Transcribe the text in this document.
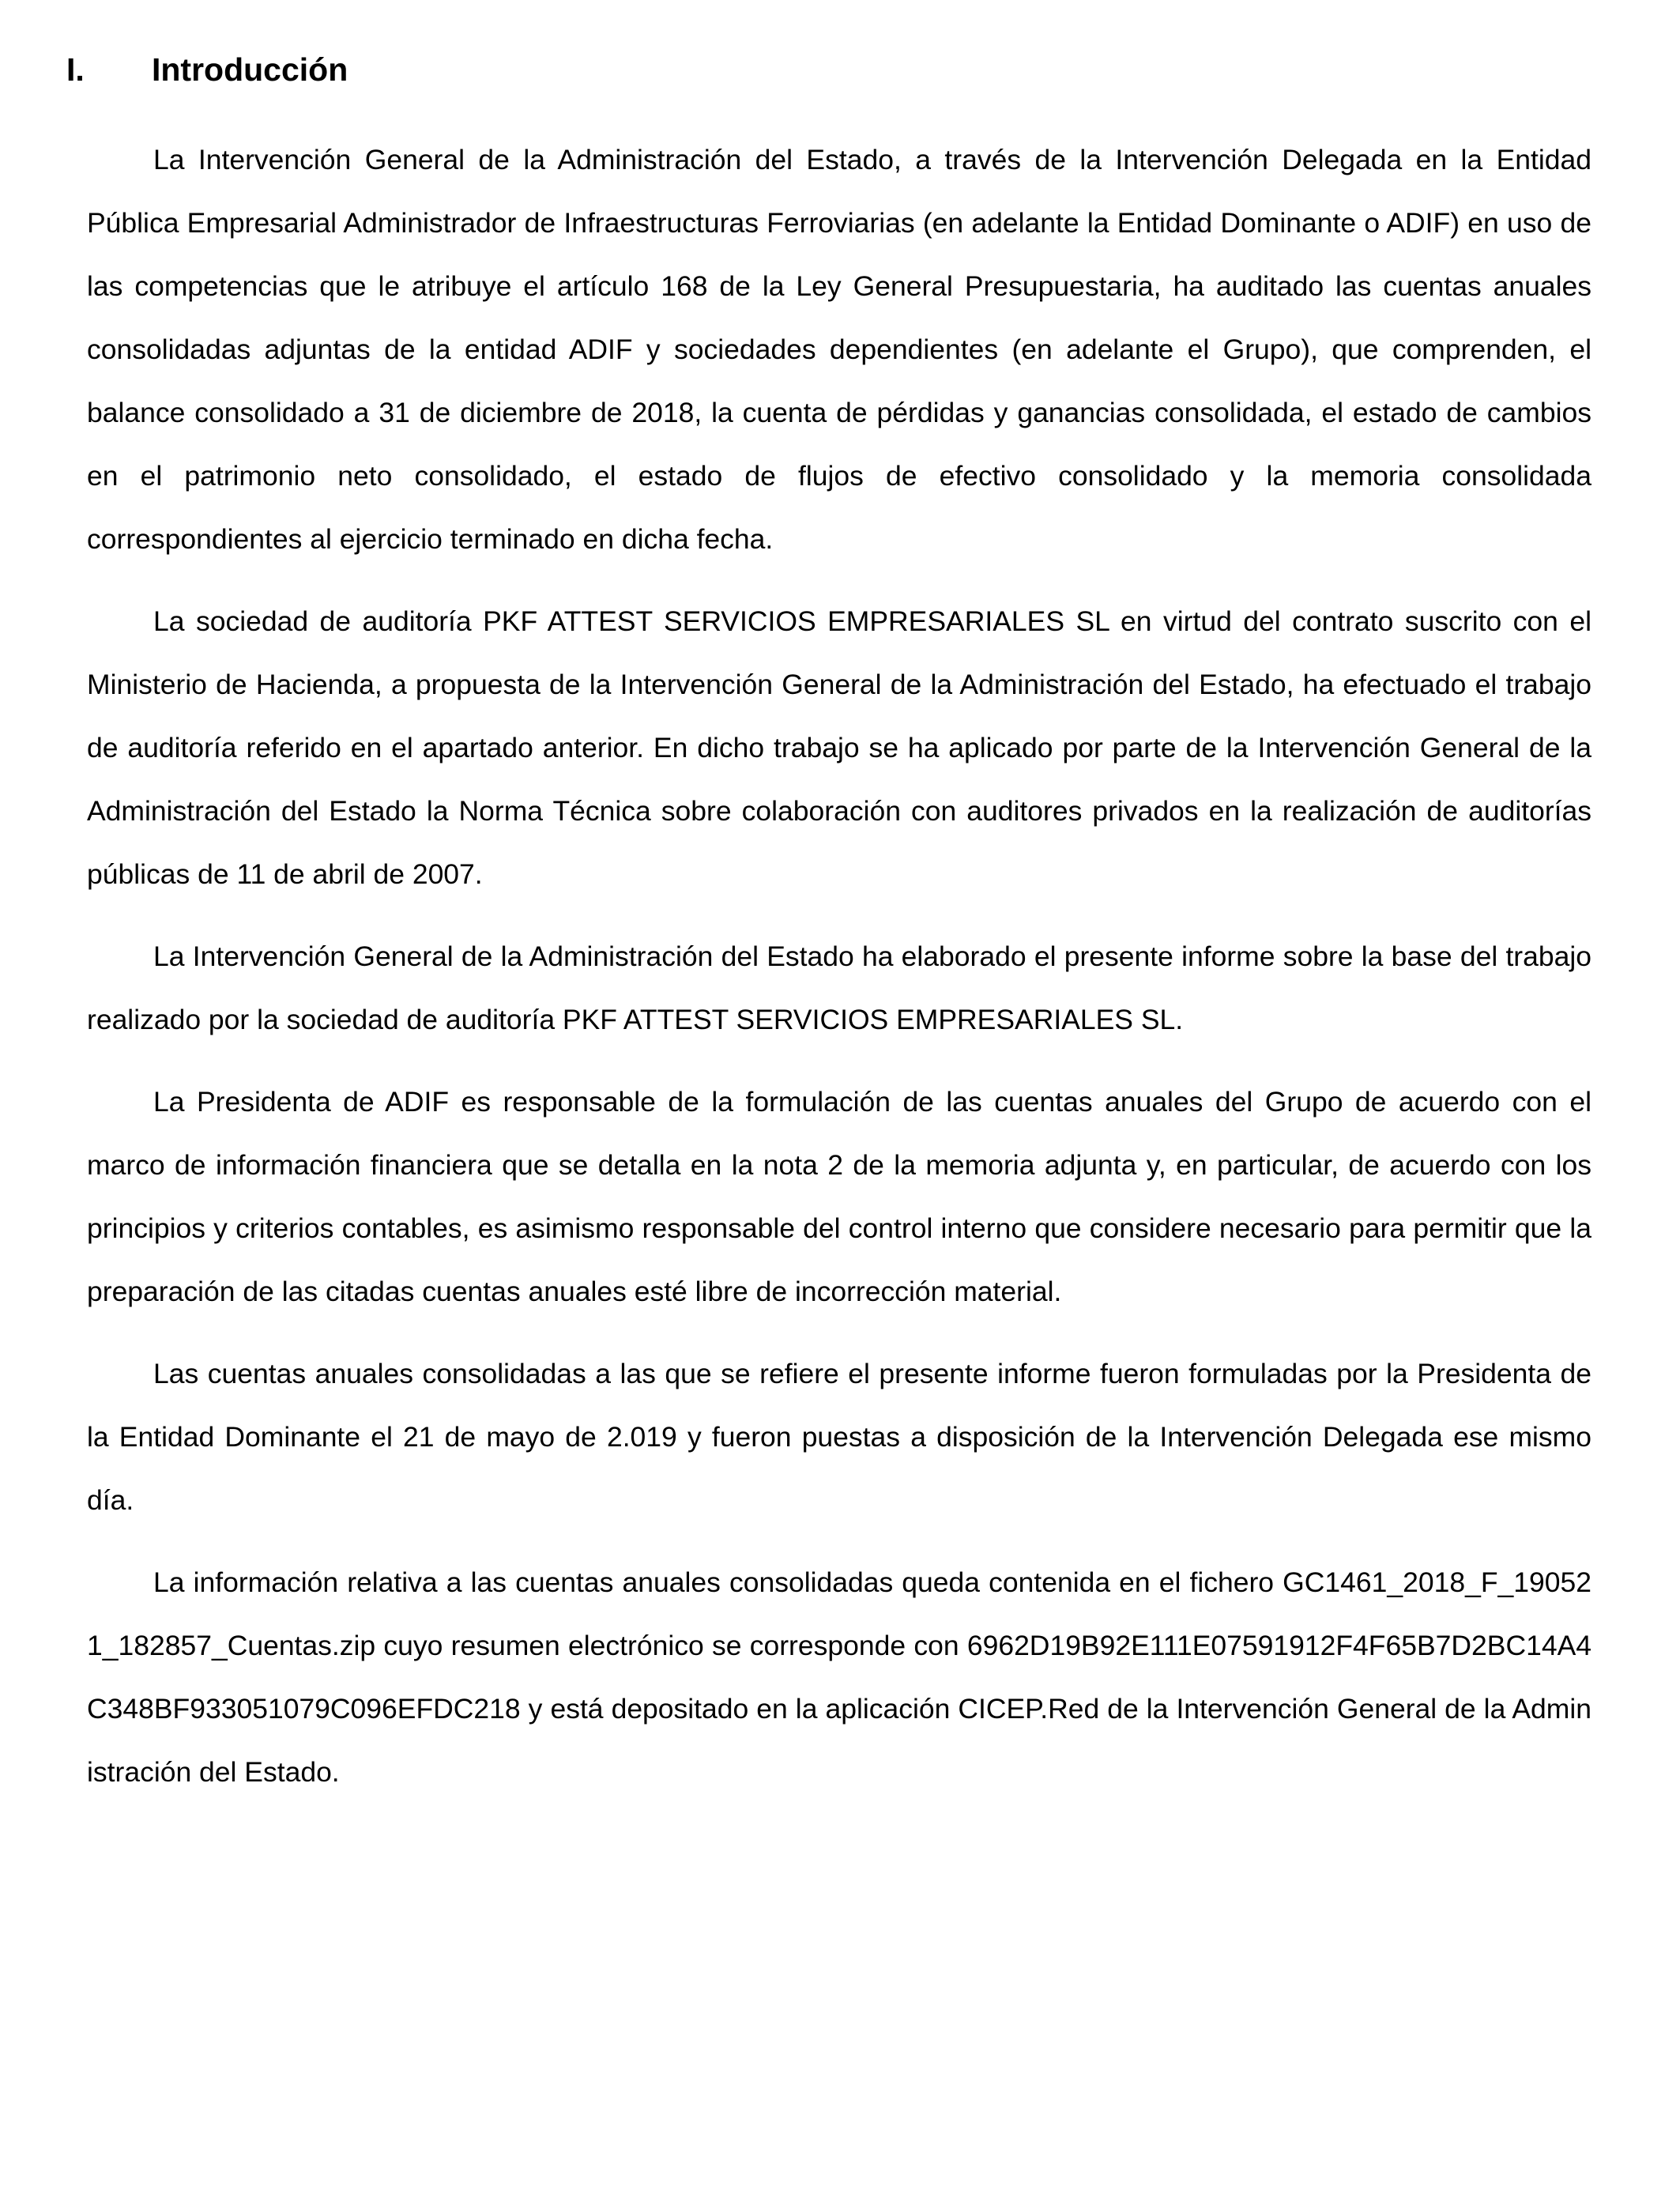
I. Introducción

La Intervención General de la Administración del Estado, a través de la Intervención Delegada en la Entidad Pública Empresarial Administrador de Infraestructuras Ferroviarias (en adelante la Entidad Dominante o ADIF) en uso de las competencias que le atribuye el artículo 168 de la Ley General Presupuestaria, ha auditado las cuentas anuales consolidadas adjuntas de la entidad ADIF y sociedades dependientes (en adelante el Grupo), que comprenden, el balance consolidado a 31 de diciembre de 2018, la cuenta de pérdidas y ganancias consolidada, el estado de cambios en el patrimonio neto consolidado, el estado de flujos de efectivo consolidado y la memoria consolidada correspondientes al ejercicio terminado en dicha fecha.

La sociedad de auditoría PKF ATTEST SERVICIOS EMPRESARIALES SL en virtud del contrato suscrito con el Ministerio de Hacienda, a propuesta de la Intervención General de la Administración del Estado, ha efectuado el trabajo de auditoría referido en el apartado anterior. En dicho trabajo se ha aplicado por parte de la Intervención General de la Administración del Estado la Norma Técnica sobre colaboración con auditores privados en la realización de auditorías públicas de 11 de abril de 2007.

La Intervención General de la Administración del Estado ha elaborado el presente informe sobre la base del trabajo realizado por la sociedad de auditoría PKF ATTEST SERVICIOS EMPRESARIALES SL.

La Presidenta de ADIF es responsable de la formulación de las cuentas anuales del Grupo de acuerdo con el marco de información financiera que se detalla en la nota 2 de la memoria adjunta y, en particular, de acuerdo con los principios y criterios contables, es asimismo responsable del control interno que considere necesario para permitir que la preparación de las citadas cuentas anuales esté libre de incorrección material.

Las cuentas anuales consolidadas a las que se refiere el presente informe fueron formuladas por la Presidenta de la Entidad Dominante el 21 de mayo de 2.019 y fueron puestas a disposición de la Intervención Delegada ese mismo día.

La información relativa a las cuentas anuales consolidadas queda contenida en el fichero GC1461_2018_F_190521_182857_Cuentas.zip cuyo resumen electrónico se corresponde con 6962D19B92E111E07591912F4F65B7D2BC14A4C348BF933051079C096EFDC218 y está depositado en la aplicación CICEP.Red de la Intervención General de la Administración del Estado.
